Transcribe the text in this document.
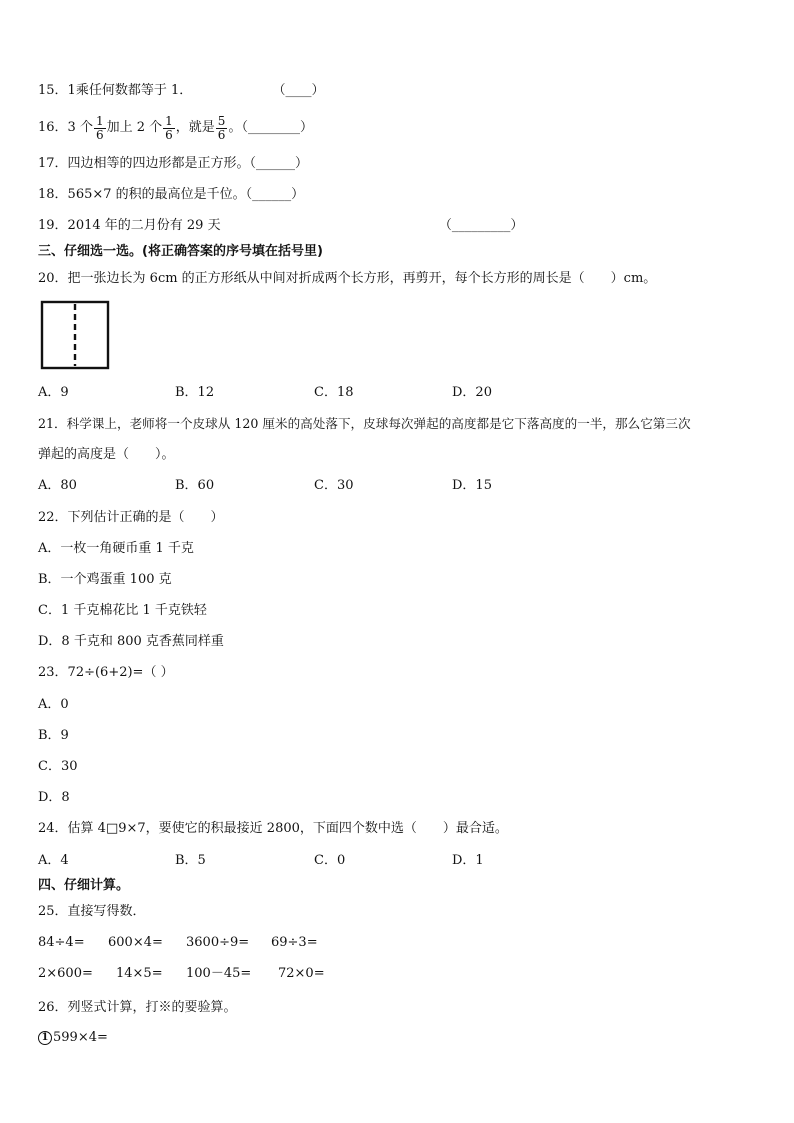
15．1乘任何数都等于 1．	（____）
16．3 个 $\frac{1}{6}$ 加上 2 个 $\frac{1}{6}$ ，就是 $\frac{5}{6}$ 。（________）
17．四边相等的四边形都是正方形。（______）
18．565×7 的积的最高位是千位。（______）
19．2014 年的二月份有 29 天	（_________）
三、仔细选一选。(将正确答案的序号填在括号里)
20．把一张边长为 6cm 的正方形纸从中间对折成两个长方形，再剪开，每个长方形的周长是（　　）cm。
A．9	B．12	C．18	D．20
21．科学课上，老师将一个皮球从 120 厘米的高处落下，皮球每次弹起的高度都是它下落高度的一半，那么它第三次
弹起的高度是（　　）。
A．80	B．60	C．30	D．15
22．下列估计正确的是（　　）
A．一枚一角硬币重 1 千克
B．一个鸡蛋重 100 克
C．1 千克棉花比 1 千克铁轻
D．8 千克和 800 克香蕉同样重
23．72÷(6+2)=（ ）
A．0
B．9
C．30
D．8
24．估算 4□9×7，要使它的积最接近 2800，下面四个数中选（　　）最合适。
A．4	B．5	C．0	D．1
四、仔细计算。
25．直接写得数．
84÷4= 600×4= 3600÷9= 69÷3=
2×600= 14×5= 100－45= 72×0=
26．列竖式计算，打※的要验算。
1 599×4=
